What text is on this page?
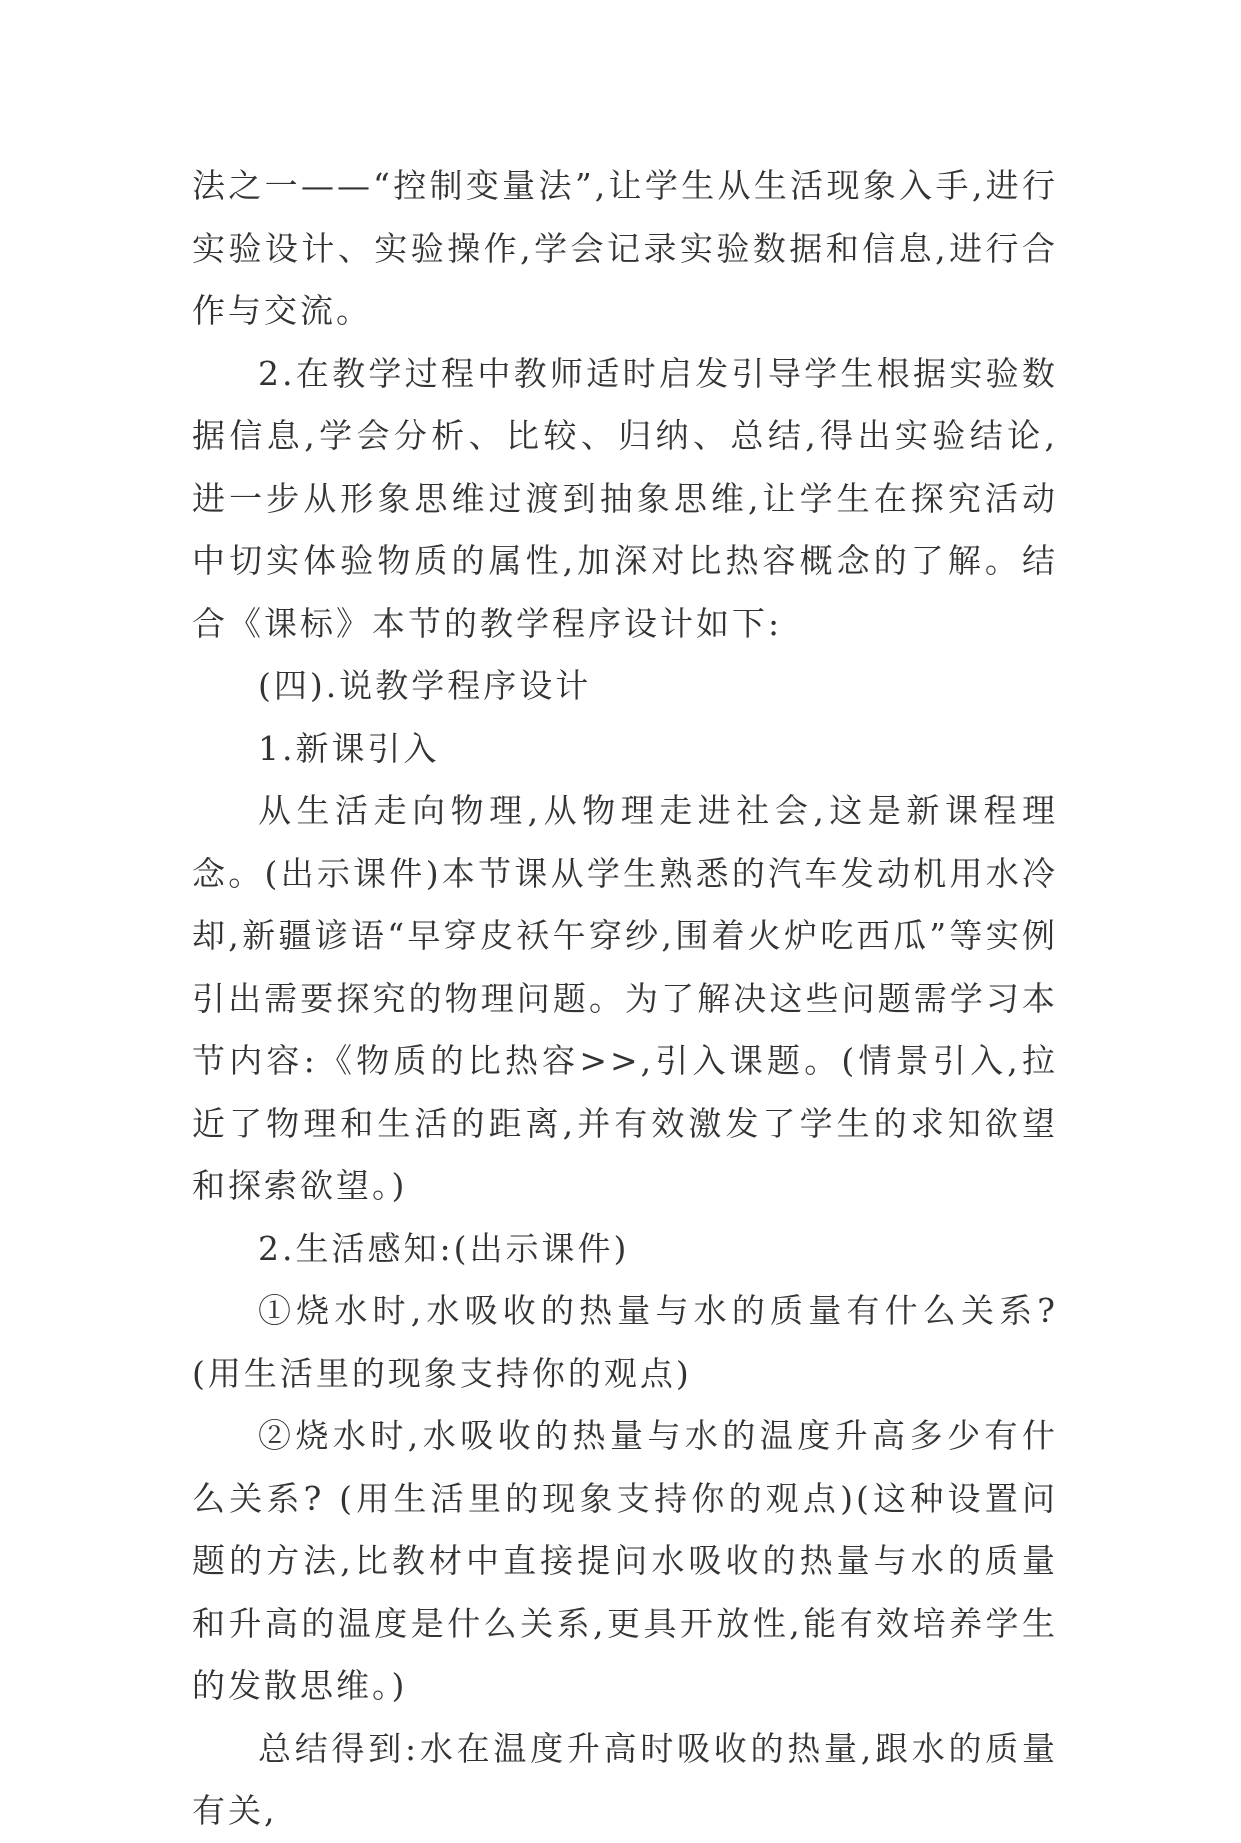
法之一——“控制变量法”,让学生从生活现象入手,进行实验设计、实验操作,学会记录实验数据和信息,进行合作与交流。

2.在教学过程中教师适时启发引导学生根据实验数据信息,学会分析、比较、归纳、总结,得出实验结论,进一步从形象思维过渡到抽象思维,让学生在探究活动中切实体验物质的属性,加深对比热容概念的了解。结合《课标》本节的教学程序设计如下:

(四).说教学程序设计

1.新课引入

从生活走向物理,从物理走进社会,这是新课程理念。(出示课件)本节课从学生熟悉的汽车发动机用水冷却,新疆谚语“早穿皮袄午穿纱,围着火炉吃西瓜”等实例引出需要探究的物理问题。为了解决这些问题需学习本节内容:《物质的比热容>>,引入课题。(情景引入,拉近了物理和生活的距离,并有效激发了学生的求知欲望和探索欲望。)

2.生活感知:(出示课件)

①烧水时,水吸收的热量与水的质量有什么关系?(用生活里的现象支持你的观点)

②烧水时,水吸收的热量与水的温度升高多少有什么关系? (用生活里的现象支持你的观点)(这种设置问题的方法,比教材中直接提问水吸收的热量与水的质量和升高的温度是什么关系,更具开放性,能有效培养学生的发散思维。)

总结得到:水在温度升高时吸收的热量,跟水的质量有关,
